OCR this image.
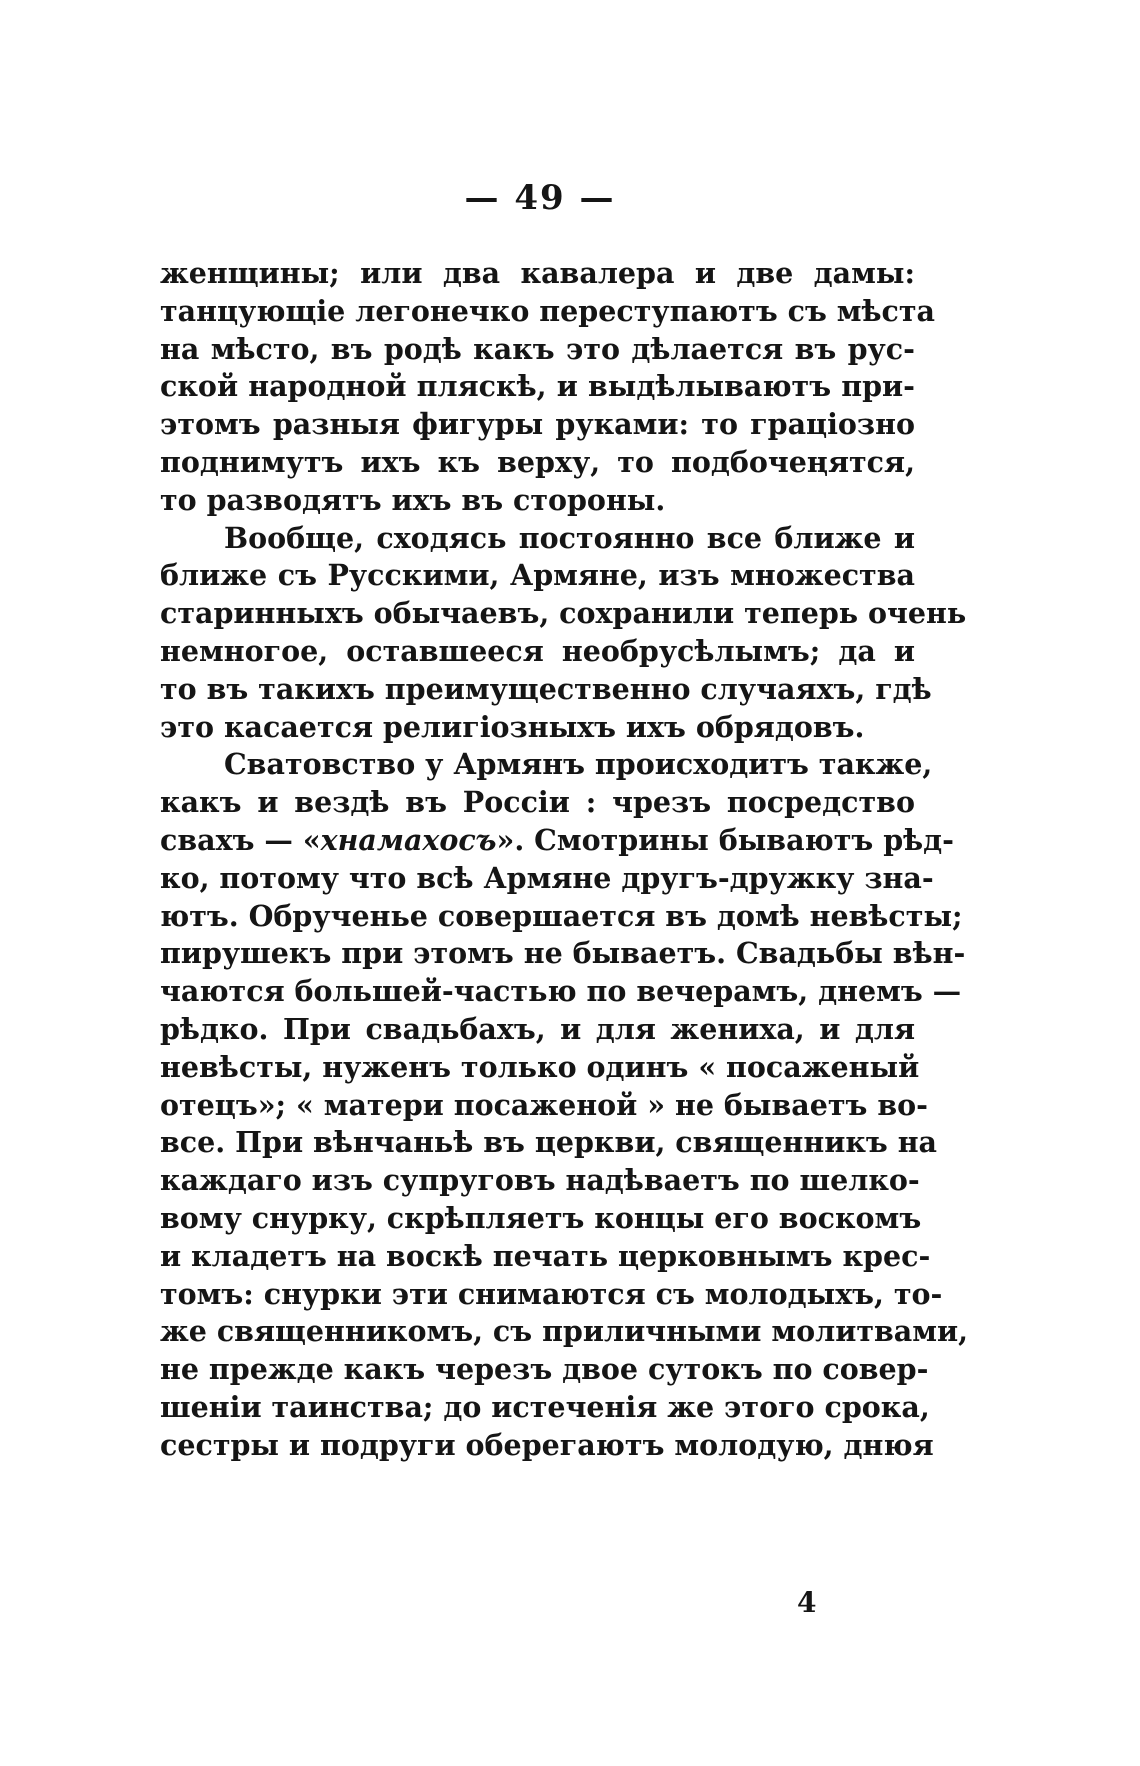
— 49 —
женщины; или два кавалера и две дамы:
танцующіе легонечко переступаютъ съ мѣста
на мѣсто, въ родѣ какъ это дѣлается въ рус-
ской народной пляскѣ, и выдѣлываютъ при-
этомъ разныя фигуры руками: то граціозно
поднимутъ ихъ къ верху, то подбочеңятся,
то разводятъ ихъ въ стороны.
Вообще, сходясь постоянно все ближе и
ближе съ Русскими, Армяне, изъ множества
старинныхъ обычаевъ, сохранили теперь очень
немногое, оставшееся необрусѣлымъ; да и
то въ такихъ преимущественно случаяхъ, гдѣ
это касается религіозныхъ ихъ обрядовъ.
Сватовство у Армянъ происходитъ также,
какъ и вездѣ въ Россіи : чрезъ посредство
свахъ — «хнамахосъ». Смотрины бываютъ рѣд-
ко, потому что всѣ Армяне другъ-дружку зна-
ютъ. Обрученье совершается въ домѣ невѣсты;
пирушекъ при этомъ не бываетъ. Свадьбы вѣн-
чаются большей-частью по вечерамъ, днемъ —
рѣдко. При свадьбахъ, и для жениха, и для
невѣсты, нуженъ только одинъ « посаженый
отецъ»; « матери посаженой » не бываетъ во-
все. При вѣнчаньѣ въ церкви, священникъ на
каждаго изъ супруговъ надѣваетъ по шелко-
вому снурку, скрѣпляетъ концы его воскомъ
и кладетъ на воскѣ печать церковнымъ крес-
томъ: снурки эти снимаются съ молодыхъ, то-
же священникомъ, съ приличными молитвами,
не прежде какъ черезъ двое сутокъ по совер-
шеніи таинства; до истеченія же этого срока,
сестры и подруги оберегаютъ молодую, днюя
4
